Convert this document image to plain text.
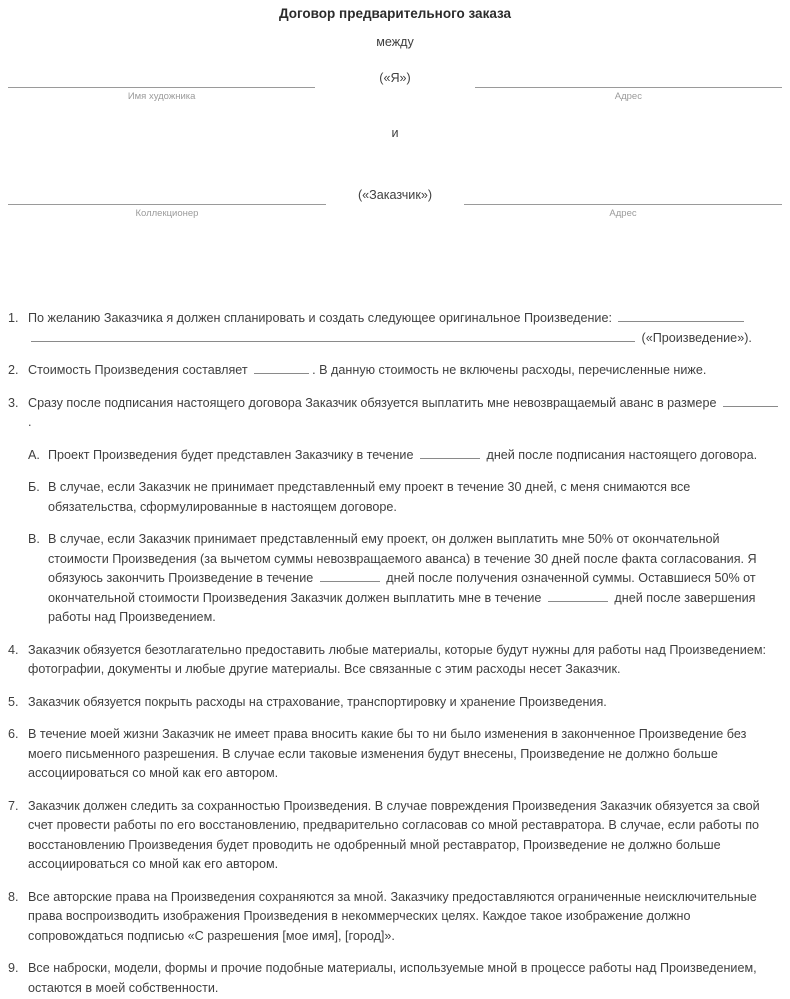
Договор предварительного заказа
между
(«Я»)
Имя художника	Адрес
и
(«Заказчик»)
Коллекционер	Адрес
1. По желанию Заказчика я должен спланировать и создать следующее оригинальное Произведение:  («Произведение»).
2. Стоимость Произведения составляет	. В данную стоимость не включены расходы, перечисленные ниже.
3. Сразу после подписания настоящего договора Заказчик обязуется выплатить мне невозвращаемый аванс в размере .
А. Проект Произведения будет представлен Заказчику в течение	дней после подписания настоящего договора.
Б. В случае, если Заказчик не принимает представленный ему проект в течение 30 дней, с меня снимаются все обязательства, сформулированные в настоящем договоре.
В. В случае, если Заказчик принимает представленный ему проект, он должен выплатить мне 50% от окончательной стоимости Произведения (за вычетом суммы невозвращаемого аванса) в течение 30 дней после факта согласования. Я обязуюсь закончить Произведение в течение	дней после получения означенной суммы. Оставшиеся 50% от окончательной стоимости Произведения Заказчик должен выплатить мне в течение	дней после завершения работы над Произведением.
4. Заказчик обязуется безотлагательно предоставить любые материалы, которые будут нужны для работы над Произведением: фотографии, документы и любые другие материалы. Все связанные с этим расходы несет Заказчик.
5. Заказчик обязуется покрыть расходы на страхование, транспортировку и хранение Произведения.
6. В течение моей жизни Заказчик не имеет права вносить какие бы то ни было изменения в законченное Произведение без моего письменного разрешения. В случае если таковые изменения будут внесены, Произведение не должно больше ассоциироваться со мной как его автором.
7. Заказчик должен следить за сохранностью Произведения. В случае повреждения Произведения Заказчик обязуется за свой счет провести работы по его восстановлению, предварительно согласовав со мной реставратора. В случае, если работы по восстановлению Произведения будет проводить не одобренный мной реставратор, Произведение не должно больше ассоциироваться со мной как его автором.
8. Все авторские права на Произведения сохраняются за мной. Заказчику предоставляются ограниченные неисключительные права воспроизводить изображения Произведения в некоммерческих целях. Каждое такое изображение должно сопровождаться подписью «С разрешения [мое имя], [город]».
9. Все наброски, модели, формы и прочие подобные материалы, используемые мной в процессе работы над Произведением, остаются в моей собственности.
